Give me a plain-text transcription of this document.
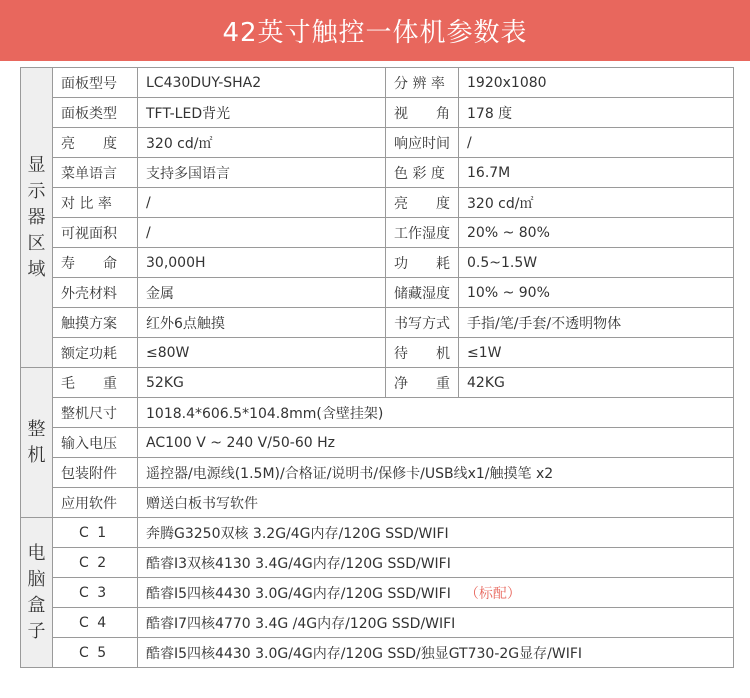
42英寸触控一体机参数表
显
示
器
区
域	面板型号	LC430DUY-SHA2	分 辨 率	1920x1080
	面板类型	TFT-LED背光	视　　角	178 度
	亮　　度	320 cd/㎡	响应时间	/
	菜单语言	支持多国语言	色 彩 度	16.7M
	对 比 率	/	亮　　度	320 cd/㎡
	可视面积	/	工作湿度	20% ~ 80%
	寿　　命	30,000H	功　　耗	0.5~1.5W
	外壳材料	金属	储藏湿度	10% ~ 90%
	触摸方案	红外6点触摸	书写方式	手指/笔/手套/不透明物体
	额定功耗	≤80W	待　　机	≤1W

整
机	毛　　重	52KG	净　　重	42KG
	整机尺寸	1018.4*606.5*104.8mm(含壁挂架)		
	输入电压	AC100 V ~ 240 V/50-60 Hz		
	包装附件	遥控器/电源线(1.5M)/合格证/说明书/保修卡/USB线x1/触摸笔 x2		
	应用软件	赠送白板书写软件		

电
脑
盒
子	C 1	奔腾G3250双核 3.2G/4G内存/120G SSD/WIFI		
	C 2	酷睿I3双核4130 3.4G/4G内存/120G SSD/WIFI		
	C 3	酷睿I5四核4430 3.0G/4G内存/120G SSD/WIFI （标配）		
	C 4	酷睿I7四核4770 3.4G /4G内存/120G SSD/WIFI		
	C 5	酷睿I5四核4430 3.0G/4G内存/120G SSD/独显GT730-2G显存/WIFI		
